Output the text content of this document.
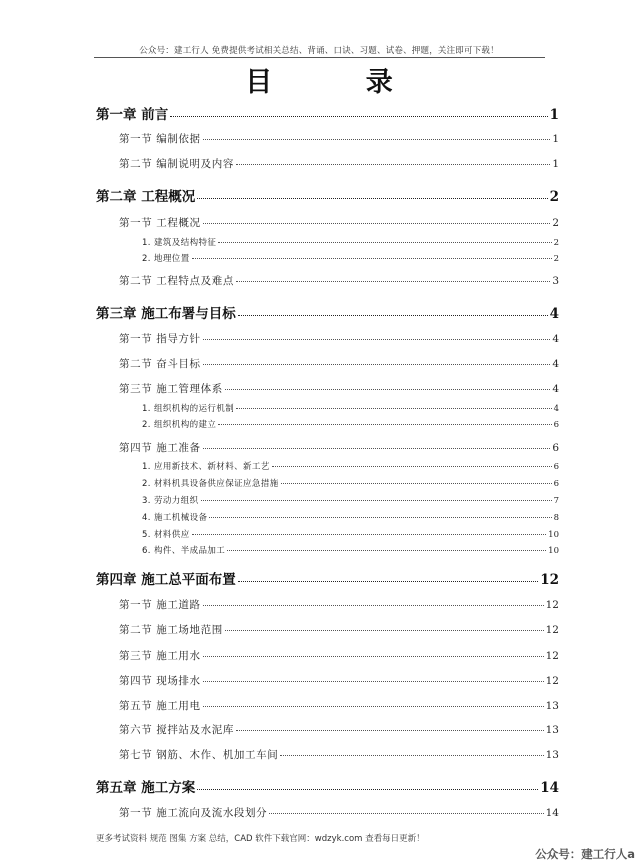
公众号：建工行人 免费提供考试相关总结、背诵、口诀、习题、试卷、押题，关注即可下载！
目 录
第一章 前言	1
第一节 编制依据	1
第二节 编制说明及内容	1
第二章 工程概况	2
第一节 工程概况	2
1. 建筑及结构特征	2
2. 地理位置	2
第二节 工程特点及难点	3
第三章 施工布署与目标	4
第一节 指导方针	4
第二节 奋斗目标	4
第三节 施工管理体系	4
1. 组织机构的运行机制	4
2. 组织机构的建立	6
第四节 施工准备	6
1. 应用新技术、新材料、新工艺	6
2. 材料机具设备供应保证应急措施	6
3. 劳动力组织	7
4. 施工机械设备	8
5. 材料供应	10
6. 构件、半成品加工	10
第四章 施工总平面布置	12
第一节 施工道路	12
第二节 施工场地范围	12
第三节 施工用水	12
第四节 现场排水	12
第五节 施工用电	13
第六节 搅拌站及水泥库	13
第七节 钢筋、木作、机加工车间	13
第五章 施工方案	14
第一节 施工流向及流水段划分	14
更多考试资料 规范 图集 方案 总结，CAD 软件下载官网：wdzyk.com 查看每日更新！
公众号：建工行人a
